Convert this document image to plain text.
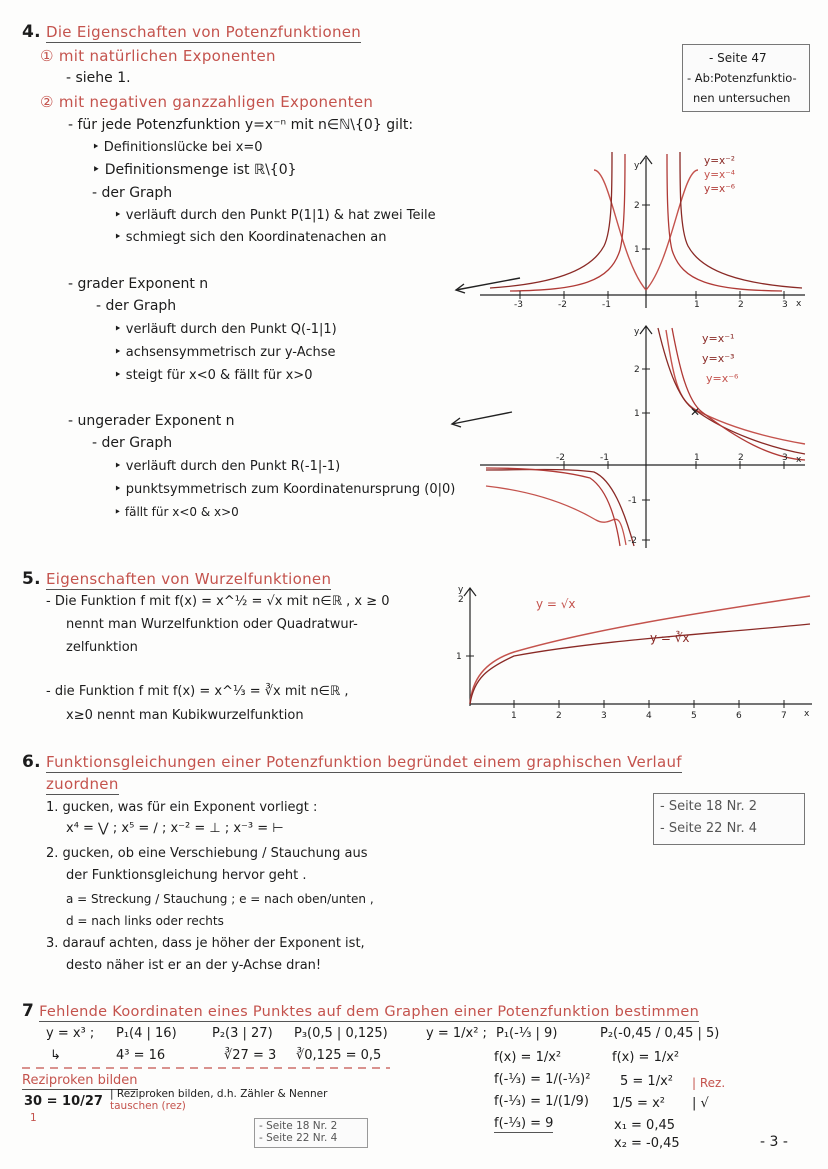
4. Die Eigenschaften von Potenzfunktionen
① mit natürlichen Exponenten
- siehe 1.
② mit negativen ganzzahligen Exponenten
- für jede Potenzfunktion y=x⁻ⁿ mit n∈ℕ\{0} gilt:
‣ Definitionslücke bei x=0
‣ Definitionsmenge ist ℝ\{0}
- der Graph
‣ verläuft durch den Punkt P(1|1) & hat zwei Teile
‣ schmiegt sich den Koordinatenachen an
- grader Exponent n
- der Graph
‣ verläuft durch den Punkt Q(-1|1)
‣ achsensymmetrisch zur y-Achse
‣ steigt für x<0 & fällt für x>0
- ungerader Exponent n
- der Graph
‣ verläuft durch den Punkt R(-1|-1)
‣ punktsymmetrisch zum Koordinatenursprung (0|0)
‣ fällt für x<0 & x>0
- Seite 47
- Ab:Potenzfunktio-
nen untersuchen
-3	-2	-1	1	2	3
1
2
x
y	y=x⁻²
y=x⁻⁴
y=x⁻⁶
-2	-1	1	2	3
1
2
-1
-2
x
y	y=x⁻¹
y=x⁻³
y=x⁻⁶
✕
5. Eigenschaften von Wurzelfunktionen
- Die Funktion f mit f(x) = x^½ = √x mit n∈ℝ , x ≥ 0
nennt man Wurzelfunktion oder Quadratwur-
zelfunktion
- die Funktion f mit f(x) = x^⅓ = ∛x mit n∈ℝ ,
x≥0 nennt man Kubikwurzelfunktion	1	2	3	4	5	6	7
1
2
x
y
y = √x
y = ∛x
6. Funktionsgleichungen einer Potenzfunktion begründet einem graphischen Verlauf
zuordnen
1. gucken, was für ein Exponent vorliegt :
x⁴ = ⋁ ; x⁵ = ∕ ; x⁻² = ⊥ ; x⁻³ = ⊢
2. gucken, ob eine Verschiebung / Stauchung aus
der Funktionsgleichung hervor geht .
a = Streckung / Stauchung ; e = nach oben/unten ,
d = nach links oder rechts
3. darauf achten, dass je höher der Exponent ist,
desto näher ist er an der y-Achse dran!
- Seite 18 Nr. 2
- Seite 22 Nr. 4
7 Fehlende Koordinaten eines Punktes auf dem Graphen einer Potenzfunktion bestimmen
y = x³ ; P₁(4 | 16)	P₂(3 | 27) P₃(0,5 | 0,125)
↳	4³ = 16	∛27 = 3 ∛0,125 = 0,5
Reziproken bilden
30 = 10/27
1
| Reziproken bilden, d.h. Zähler & Nenner
tauschen (rez)
- Seite 18 Nr. 2
- Seite 22 Nr. 4
y = 1/x² ; P₁(-⅓ | 9)
f(x) = 1/x²
f(-⅓) = 1/(-⅓)²
f(-⅓) = 1/(1/9)
f(-⅓) = 9
P₂(-0,45 / 0,45 | 5)
f(x) = 1/x²
5 = 1/x² | Rez.
1/5 = x² | √
x₁ = 0,45
x₂ = -0,45	- 3 -
